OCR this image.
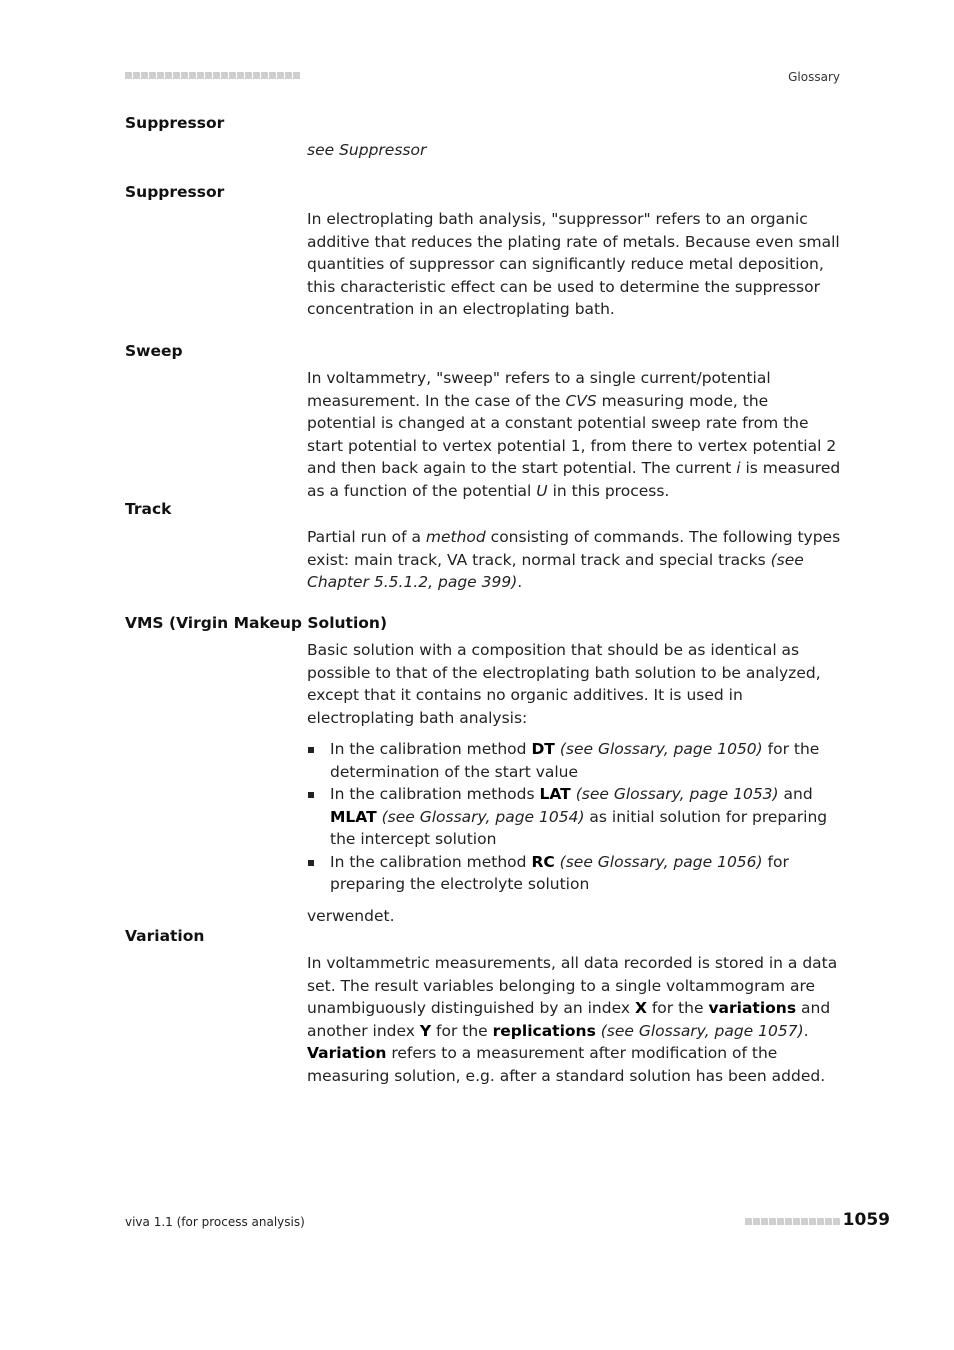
Glossary
Suppressor

see Suppressor

Suppressor

In electroplating bath analysis, "suppressor" refers to an organic additive that reduces the plating rate of metals. Because even small quantities of suppressor can significantly reduce metal deposition, this characteristic effect can be used to determine the suppressor concentration in an electroplating bath.

Sweep

In voltammetry, "sweep" refers to a single current/potential measurement. In the case of the CVS measuring mode, the potential is changed at a constant potential sweep rate from the start potential to vertex potential 1, from there to vertex potential 2 and then back again to the start potential. The current i is measured as a function of the potential U in this process.

Track

Partial run of a method consisting of commands. The following types exist: main track, VA track, normal track and special tracks (see Chapter 5.5.1.2, page 399).

VMS (Virgin Makeup Solution)

Basic solution with a composition that should be as identical as possible to that of the electroplating bath solution to be analyzed, except that it contains no organic additives. It is used in electroplating bath analysis:

In the calibration method DT (see Glossary, page 1050) for the determination of the start value
In the calibration methods LAT (see Glossary, page 1053) and MLAT (see Glossary, page 1054) as initial solution for preparing the intercept solution
In the calibration method RC (see Glossary, page 1056) for preparing the electrolyte solution

verwendet.

Variation

In voltammetric measurements, all data recorded is stored in a data set. The result variables belonging to a single voltammogram are unambiguously distinguished by an index X for the variations and another index Y for the replications (see Glossary, page 1057). Variation refers to a measurement after modification of the measuring solution, e.g. after a standard solution has been added.

viva 1.1 (for process analysis)	1059
